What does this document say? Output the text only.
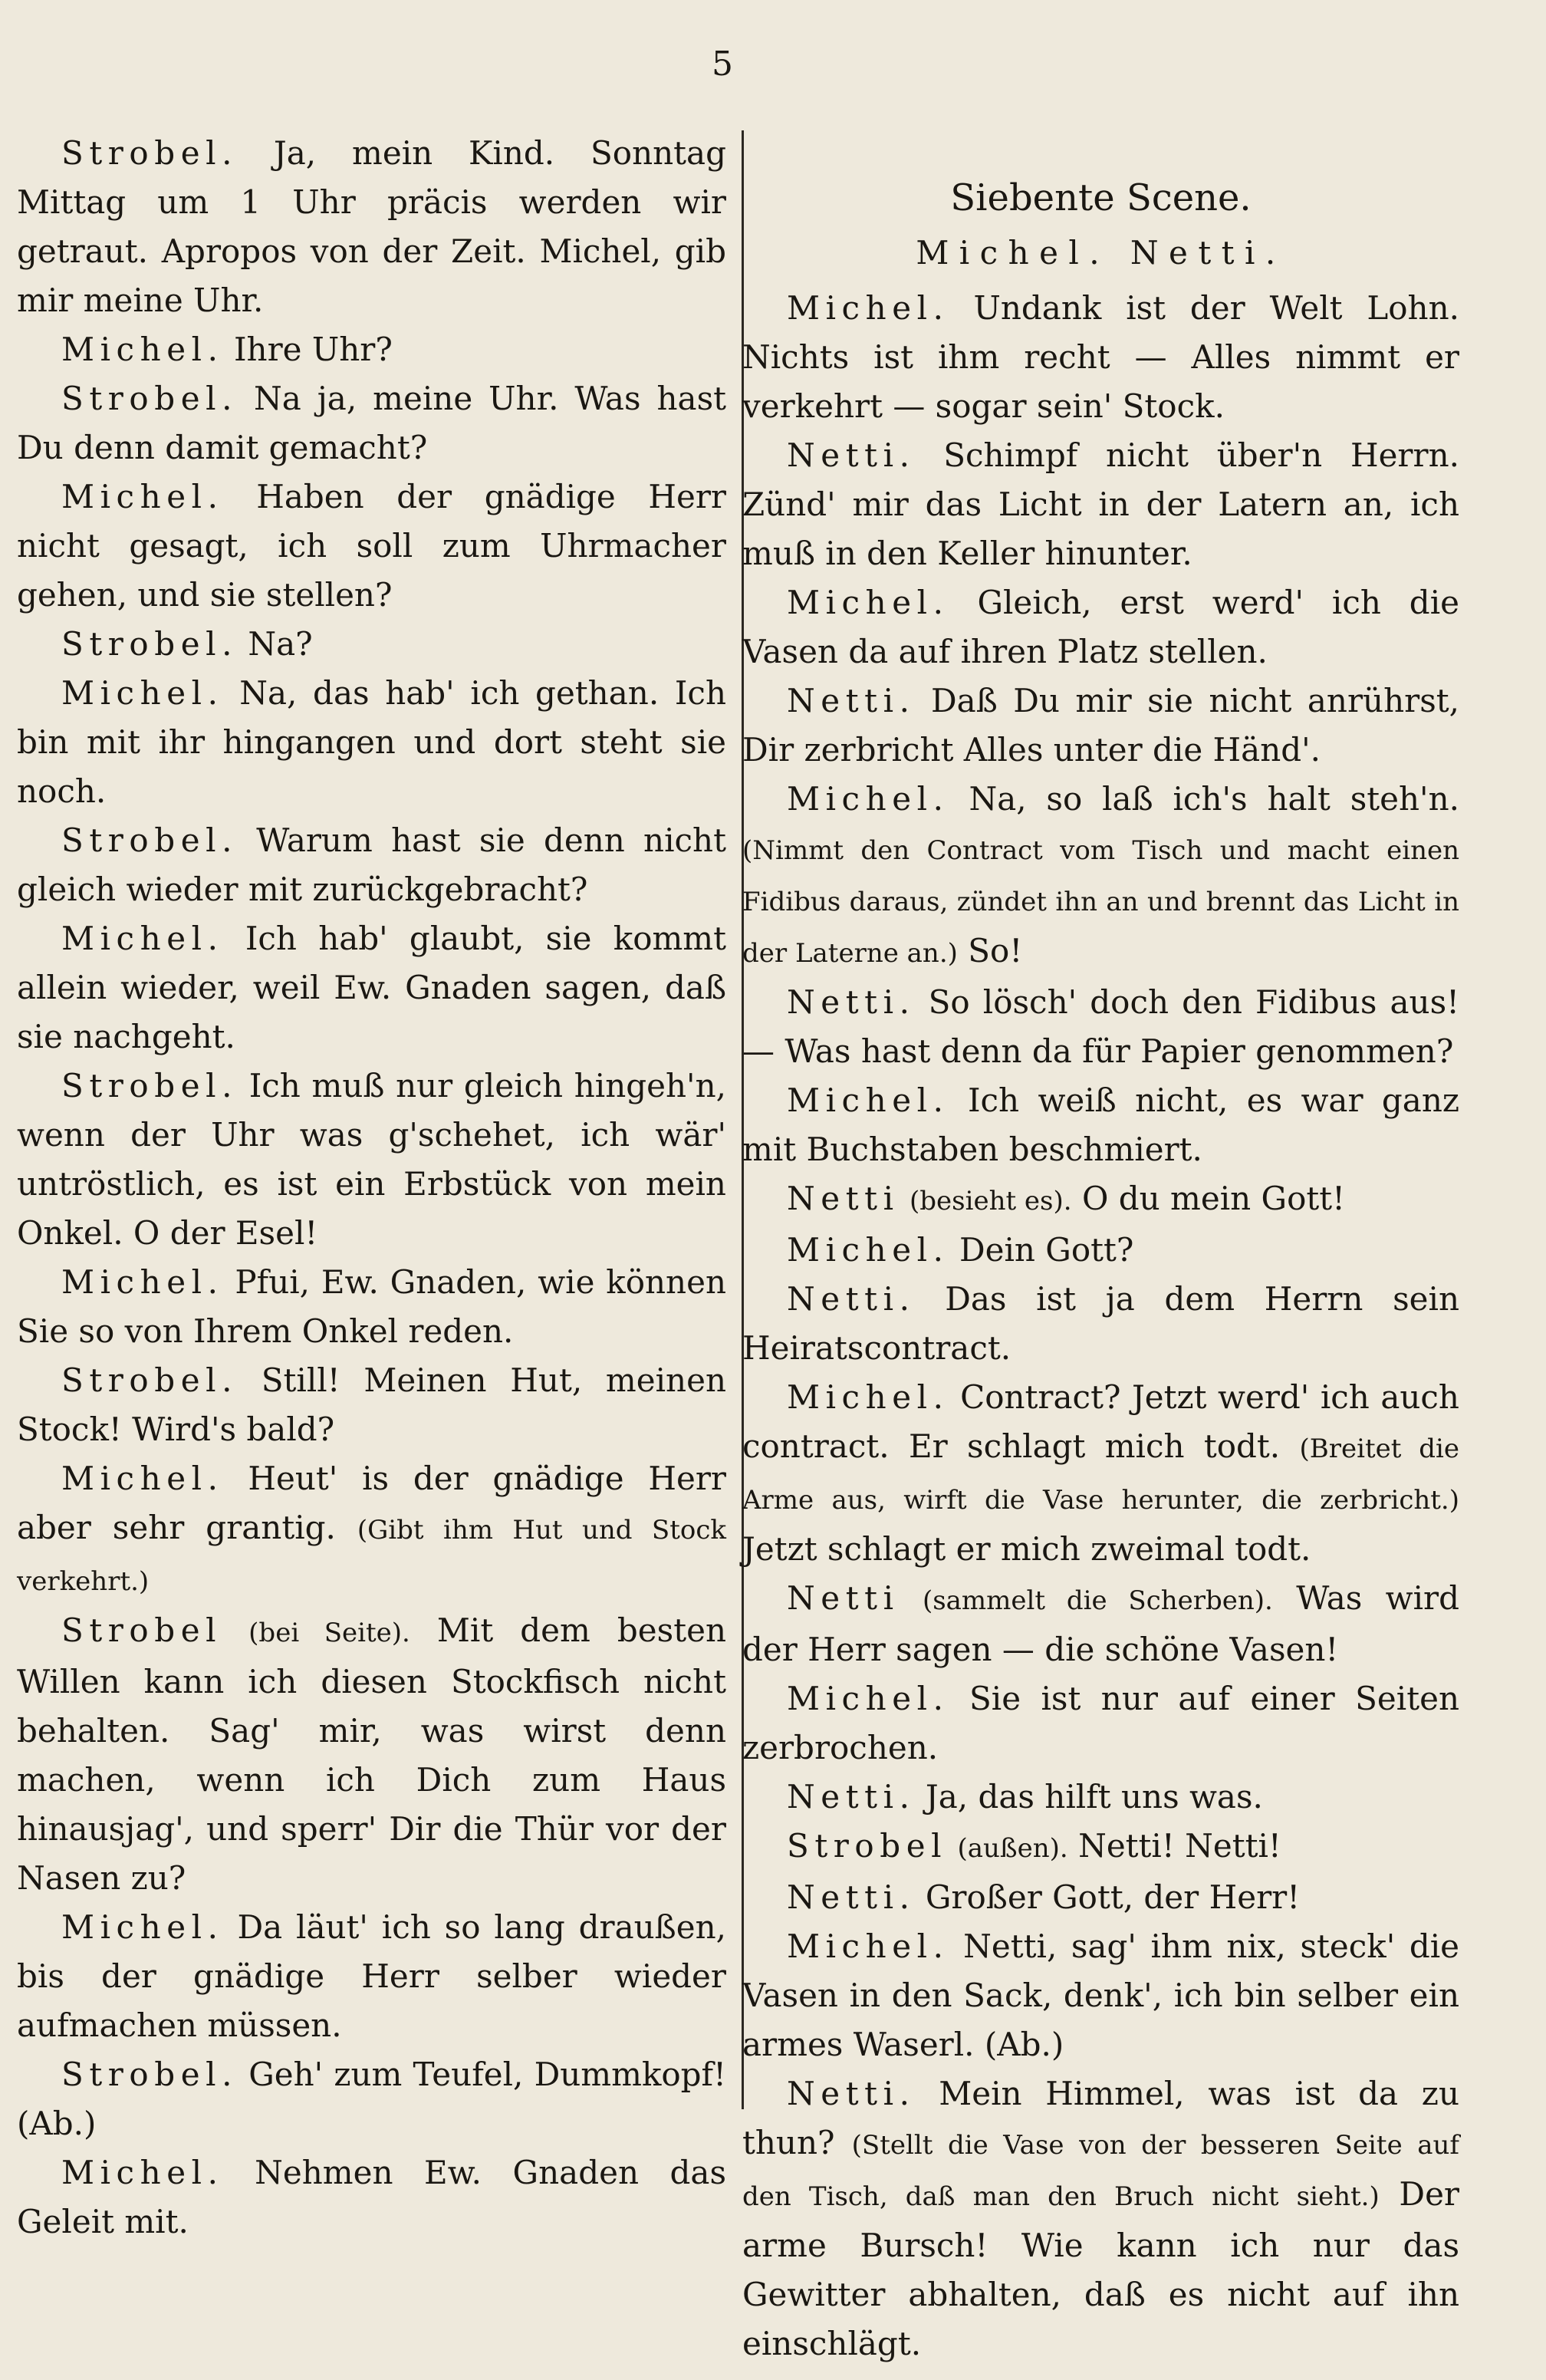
5

Strobel. Ja, mein Kind. Sonntag Mittag um 1 Uhr präcis werden wir getraut. Apropos von der Zeit. Michel, gib mir meine Uhr.

Michel. Ihre Uhr?

Strobel. Na ja, meine Uhr. Was hast Du denn damit gemacht?

Michel. Haben der gnädige Herr nicht gesagt, ich soll zum Uhrmacher gehen, und sie stellen?

Strobel. Na?

Michel. Na, das hab' ich gethan. Ich bin mit ihr hingangen und dort steht sie noch.

Strobel. Warum hast sie denn nicht gleich wieder mit zurückgebracht?

Michel. Ich hab' glaubt, sie kommt allein wieder, weil Ew. Gnaden sagen, daß sie nachgeht.

Strobel. Ich muß nur gleich hingeh'n, wenn der Uhr was g'schehet, ich wär' untröstlich, es ist ein Erbstück von mein Onkel. O der Esel!

Michel. Pfui, Ew. Gnaden, wie können Sie so von Ihrem Onkel reden.

Strobel. Still! Meinen Hut, meinen Stock! Wird's bald?

Michel. Heut' is der gnädige Herr aber sehr grantig. (Gibt ihm Hut und Stock verkehrt.)

Strobel (bei Seite). Mit dem besten Willen kann ich diesen Stockfisch nicht behalten. Sag' mir, was wirst denn machen, wenn ich Dich zum Haus hinausjag', und sperr' Dir die Thür vor der Nasen zu?

Michel. Da läut' ich so lang draußen, bis der gnädige Herr selber wieder aufmachen müssen.

Strobel. Geh' zum Teufel, Dummkopf! (Ab.)

Michel. Nehmen Ew. Gnaden das Geleit mit.

Siebente Scene.
Michel. Netti.

Michel. Undank ist der Welt Lohn. Nichts ist ihm recht — Alles nimmt er verkehrt — sogar sein' Stock.

Netti. Schimpf nicht über'n Herrn. Zünd' mir das Licht in der Latern an, ich muß in den Keller hinunter.

Michel. Gleich, erst werd' ich die Vasen da auf ihren Platz stellen.

Netti. Daß Du mir sie nicht anrührst, Dir zerbricht Alles unter die Händ'.

Michel. Na, so laß ich's halt steh'n. (Nimmt den Contract vom Tisch und macht einen Fidibus daraus, zündet ihn an und brennt das Licht in der Laterne an.) So!

Netti. So lösch' doch den Fidibus aus! — Was hast denn da für Papier genommen?

Michel. Ich weiß nicht, es war ganz mit Buchstaben beschmiert.

Netti (besieht es). O du mein Gott!

Michel. Dein Gott?

Netti. Das ist ja dem Herrn sein Heiratscontract.

Michel. Contract? Jetzt werd' ich auch contract. Er schlagt mich todt. (Breitet die Arme aus, wirft die Vase herunter, die zerbricht.) Jetzt schlagt er mich zweimal todt.

Netti (sammelt die Scherben). Was wird der Herr sagen — die schöne Vasen!

Michel. Sie ist nur auf einer Seiten zerbrochen.

Netti. Ja, das hilft uns was.

Strobel (außen). Netti! Netti!

Netti. Großer Gott, der Herr!

Michel. Netti, sag' ihm nix, steck' die Vasen in den Sack, denk', ich bin selber ein armes Waserl. (Ab.)

Netti. Mein Himmel, was ist da zu thun? (Stellt die Vase von der besseren Seite auf den Tisch, daß man den Bruch nicht sieht.) Der arme Bursch! Wie kann ich nur das Gewitter abhalten, daß es nicht auf ihn einschlägt.
